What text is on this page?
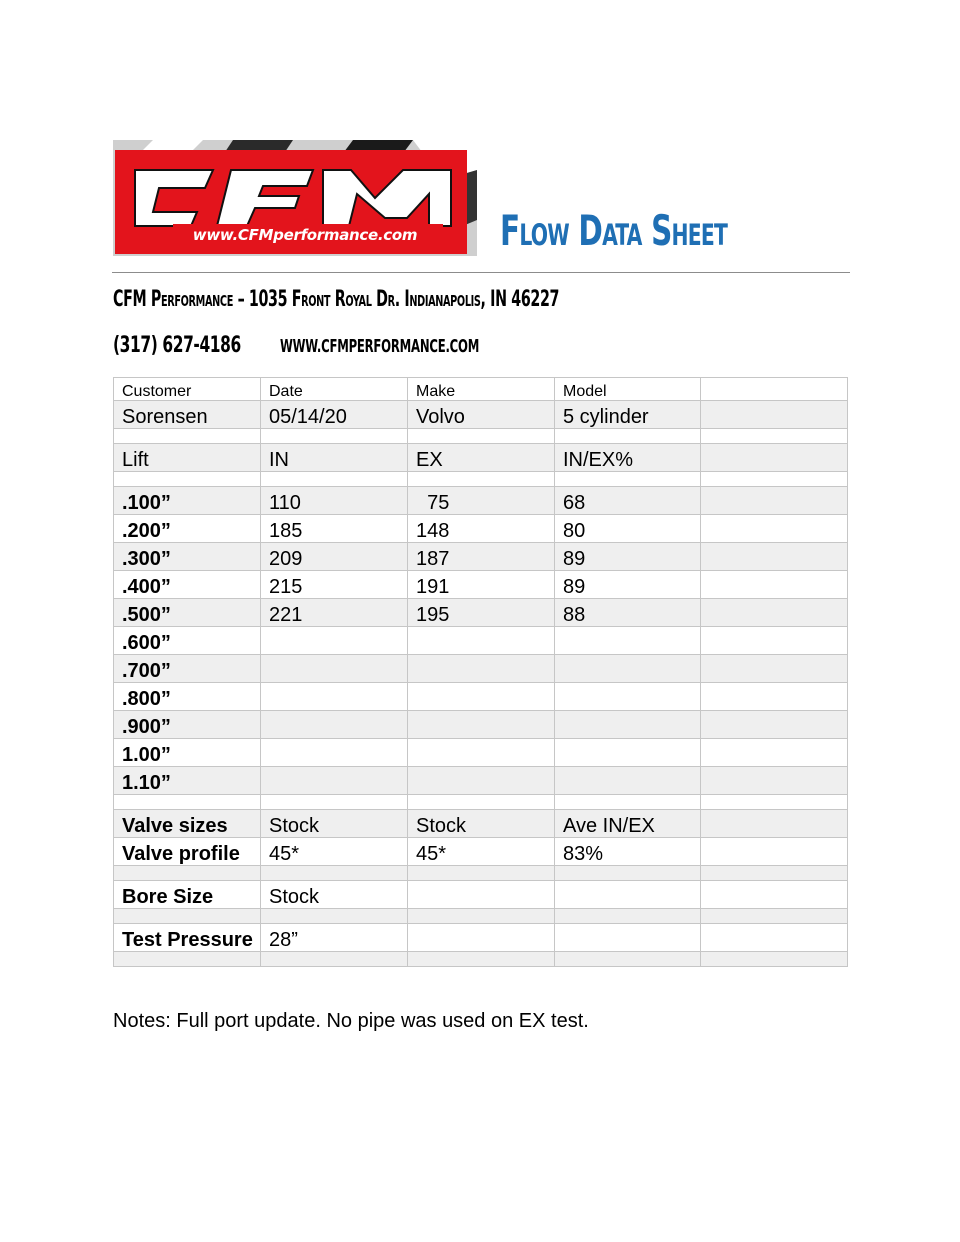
www.CFMperformance.com	Flow Data Sheet
CFM Performance – 1035 Front Royal Dr. Indianapolis, IN 46227
(317) 627-4186 WWW.CFMPERFORMANCE.COM
Customer	Date	Make	Model	
Sorensen	05/14/20	Volvo	5 cylinder	

Lift	IN	EX	IN/EX%	

.100”	110	75	68	
.200”	185	148	80	
.300”	209	187	89	
.400”	215	191	89	
.500”	221	195	88	
.600”				
.700”				
.800”				
.900”				
1.00”				
1.10”				

Valve sizes	Stock	Stock	Ave IN/EX	
Valve profile	45*	45*	83%	

Bore Size	Stock			

Test Pressure	28”			

Notes: Full port update. No pipe was used on EX test.
